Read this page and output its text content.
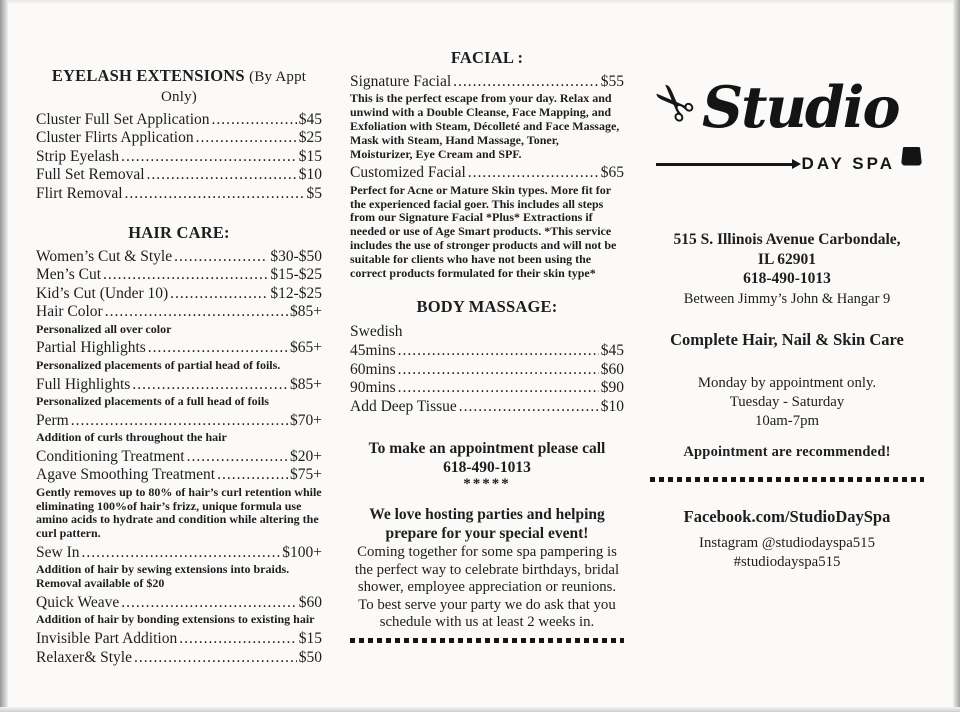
EYELASH EXTENSIONS (By Appt Only)
Cluster Full Set Application .....	$45
Cluster Flirts Application .....	$25
Strip Eyelash .....	$15
Full Set Removal .....	$10
Flirt Removal .....	$5
HAIR CARE:
Women’s Cut & Style .....	$30-$50
Men’s Cut .....	$15-$25
Kid’s Cut (Under 10) .....	$12-$25
Hair Color .....	$85+
Personalized all over color
Partial Highlights .....	$65+
Personalized placements of partial head of foils.
Full Highlights .....	$85+
Personalized placements of a full head of foils
Perm .....	$70+
Addition of curls throughout the hair
Conditioning Treatment .....	$20+
Agave Smoothing Treatment .....	$75+
Gently removes up to 80% of hair’s curl retention while eliminating 100%of hair’s frizz, unique formula use amino acids to hydrate and condition while altering the curl pattern.
Sew In .....	$100+
Addition of hair by sewing extensions into braids. Removal available of $20
Quick Weave .....	$60
Addition of hair by bonding extensions to existing hair
Invisible Part Addition .....	$15
Relaxer& Style .....	$50
FACIAL :
Signature Facial .....	$55
This is the perfect escape from your day. Relax and unwind with a Double Cleanse, Face Mapping, and Exfoliation with Steam, Décolleté and Face Massage, Mask with Steam, Hand Massage, Toner, Moisturizer, Eye Cream and SPF.
Customized Facial .....	$65
Perfect for Acne or Mature Skin types. More fit for the experienced facial goer. This includes all steps from our Signature Facial *Plus* Extractions if needed or use of Age Smart products. *This service includes the use of stronger products and will not be suitable for clients who have not been using the correct products formulated for their skin type*
BODY MASSAGE:
Swedish
45mins .....	$45
60mins .....	$60
90mins .....	$90
Add Deep Tissue .....	$10
To make an appointment please call
618-490-1013
*****
We love hosting parties and helping
prepare for your special event!
Coming together for some spa pampering is the perfect way to celebrate birthdays, bridal shower, employee appreciation or reunions. To best serve your party we do ask that you schedule with us at least 2 weeks in.
✂
Studio
DAY SPA
515 S. Illinois Avenue Carbondale,
IL 62901
618-490-1013
Between Jimmy’s John & Hangar 9
Complete Hair, Nail & Skin Care
Monday by appointment only.
Tuesday - Saturday
10am-7pm
Appointment are recommended!
Facebook.com/StudioDaySpa
Instagram @studiodayspa515
#studiodayspa515
